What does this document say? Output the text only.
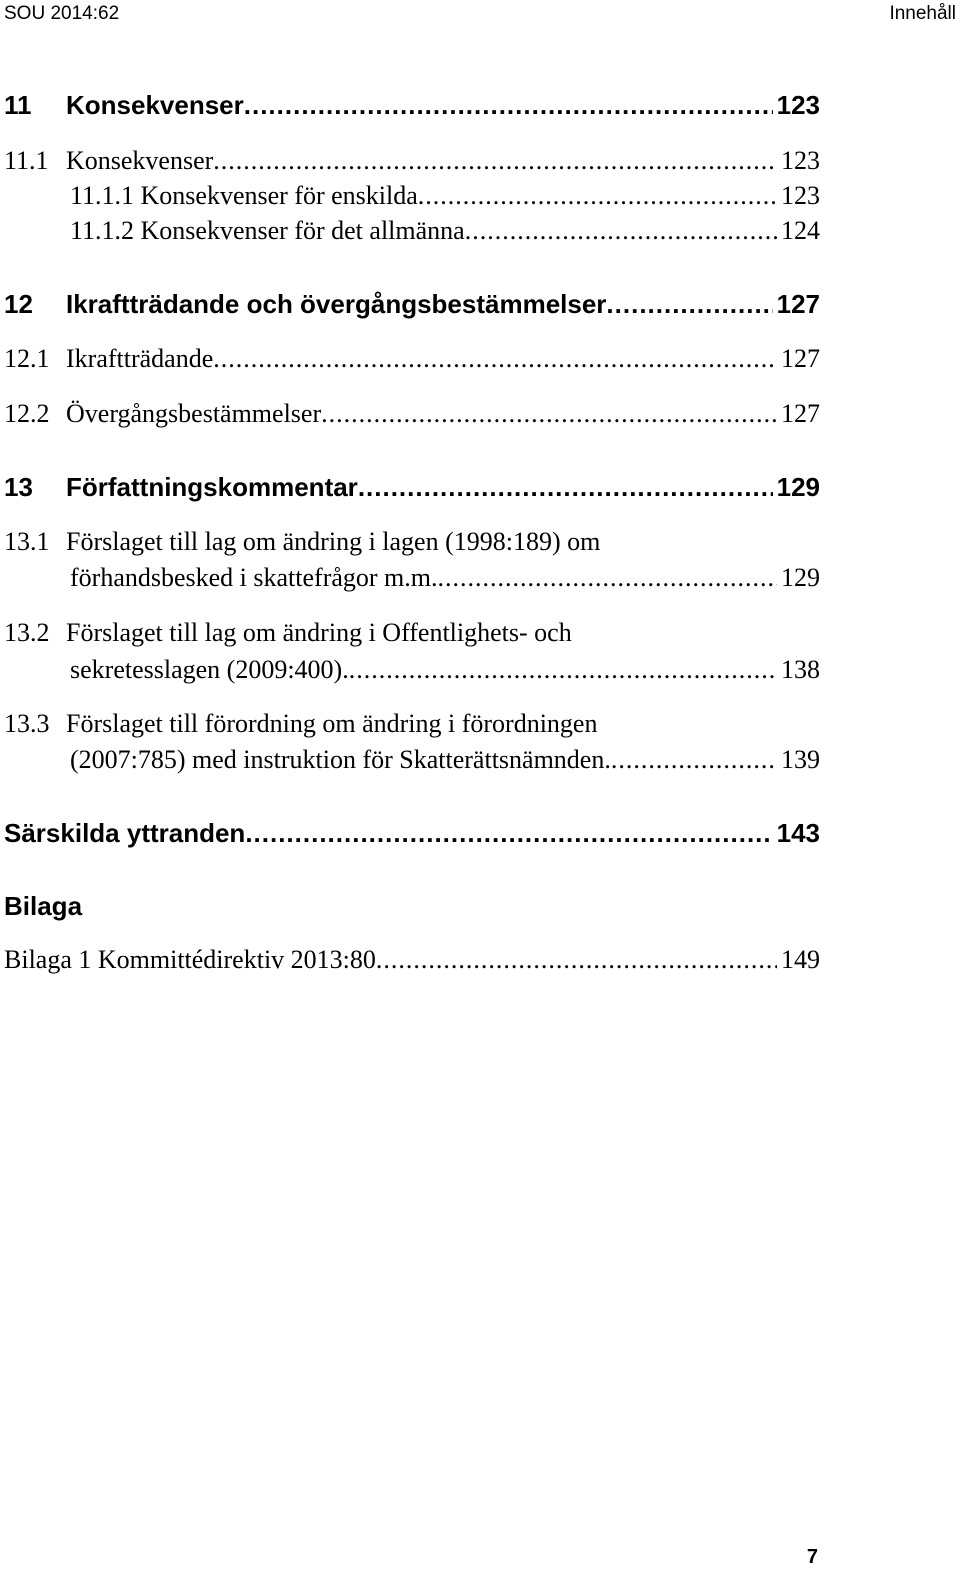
SOU 2014:62	Innehåll
11	Konsekvenser .....	123
11.1 Konsekvenser .....	123
11.1.1 Konsekvenser för enskilda .....	123
11.1.2 Konsekvenser för det allmänna .....	124
12	Ikraftträdande och övergångsbestämmelser .....	127
12.1 Ikraftträdande .....	127
12.2 Övergångsbestämmelser .....	127
13	Författningskommentar .....	129
13.1 Förslaget till lag om ändring i lagen (1998:189) om
förhandsbesked i skattefrågor m.m. .....	129
13.2 Förslaget till lag om ändring i Offentlighets- och
sekretesslagen (2009:400). .....	138
13.3 Förslaget till förordning om ändring i förordningen
(2007:785) med instruktion för Skatterättsnämnden. .....	139
Särskilda yttranden .....	143
Bilaga
Bilaga 1 Kommittédirektiv 2013:80 .....	149
7
